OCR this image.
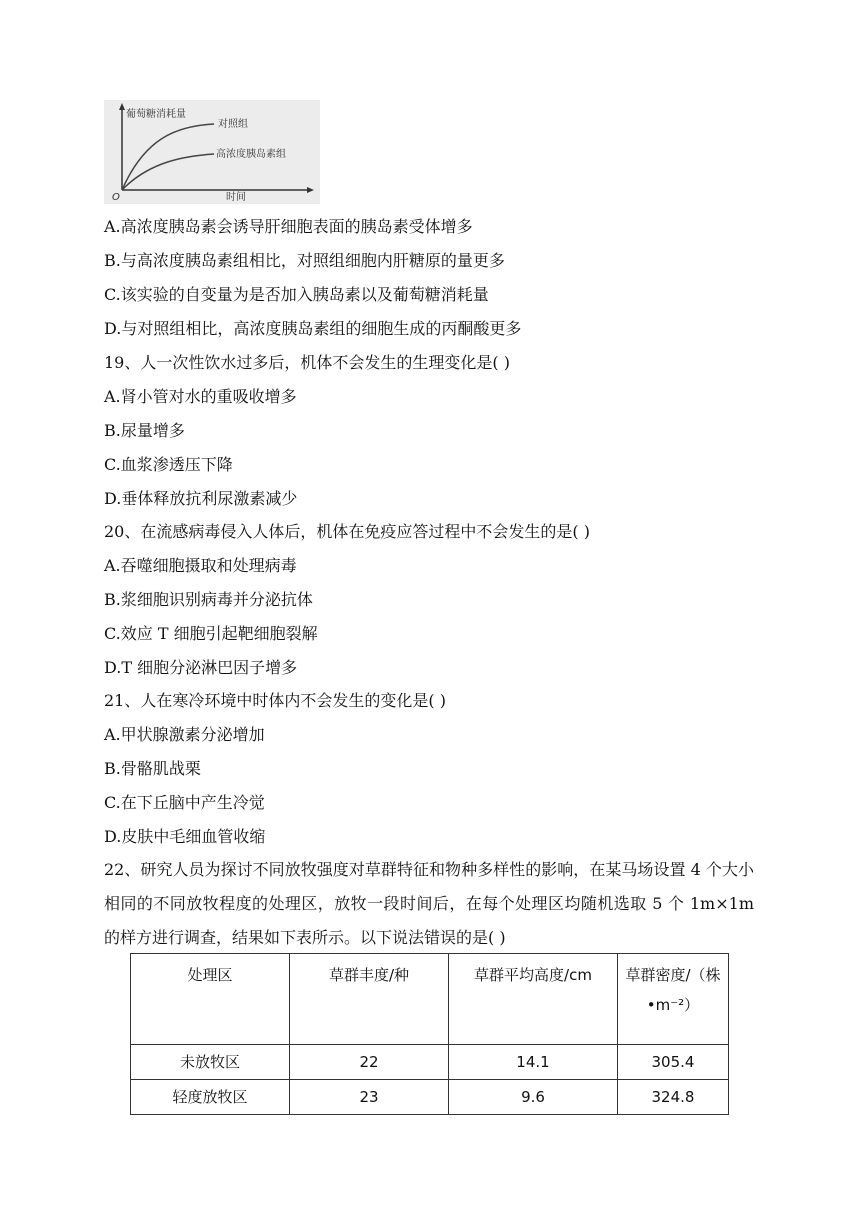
葡萄糖消耗量
对照组
高浓度胰岛素组
时间
O
A.高浓度胰岛素会诱导肝细胞表面的胰岛素受体增多
B.与高浓度胰岛素组相比，对照组细胞内肝糖原的量更多
C.该实验的自变量为是否加入胰岛素以及葡萄糖消耗量
D.与对照组相比，高浓度胰岛素组的细胞生成的丙酮酸更多
19、人一次性饮水过多后，机体不会发生的生理变化是( )
A.肾小管对水的重吸收增多
B.尿量增多
C.血浆渗透压下降
D.垂体释放抗利尿激素减少
20、在流感病毒侵入人体后，机体在免疫应答过程中不会发生的是( )
A.吞噬细胞摄取和处理病毒
B.浆细胞识别病毒并分泌抗体
C.效应 T 细胞引起靶细胞裂解
D.T 细胞分泌淋巴因子增多
21、人在寒冷环境中时体内不会发生的变化是( )
A.甲状腺激素分泌增加
B.骨骼肌战栗
C.在下丘脑中产生冷觉
D.皮肤中毛细血管收缩
22、研究人员为探讨不同放牧强度对草群特征和物种多样性的影响，在某马场设置 4 个大小相同的不同放牧程度的处理区，放牧一段时间后，在每个处理区均随机选取 5 个 1m×1m 的样方进行调查，结果如下表所示。以下说法错误的是( )
处理区	草群丰度/种	草群平均高度/cm	草群密度/（株•m⁻²）
未放牧区	22	14.1	305.4
轻度放牧区	23	9.6	324.8
